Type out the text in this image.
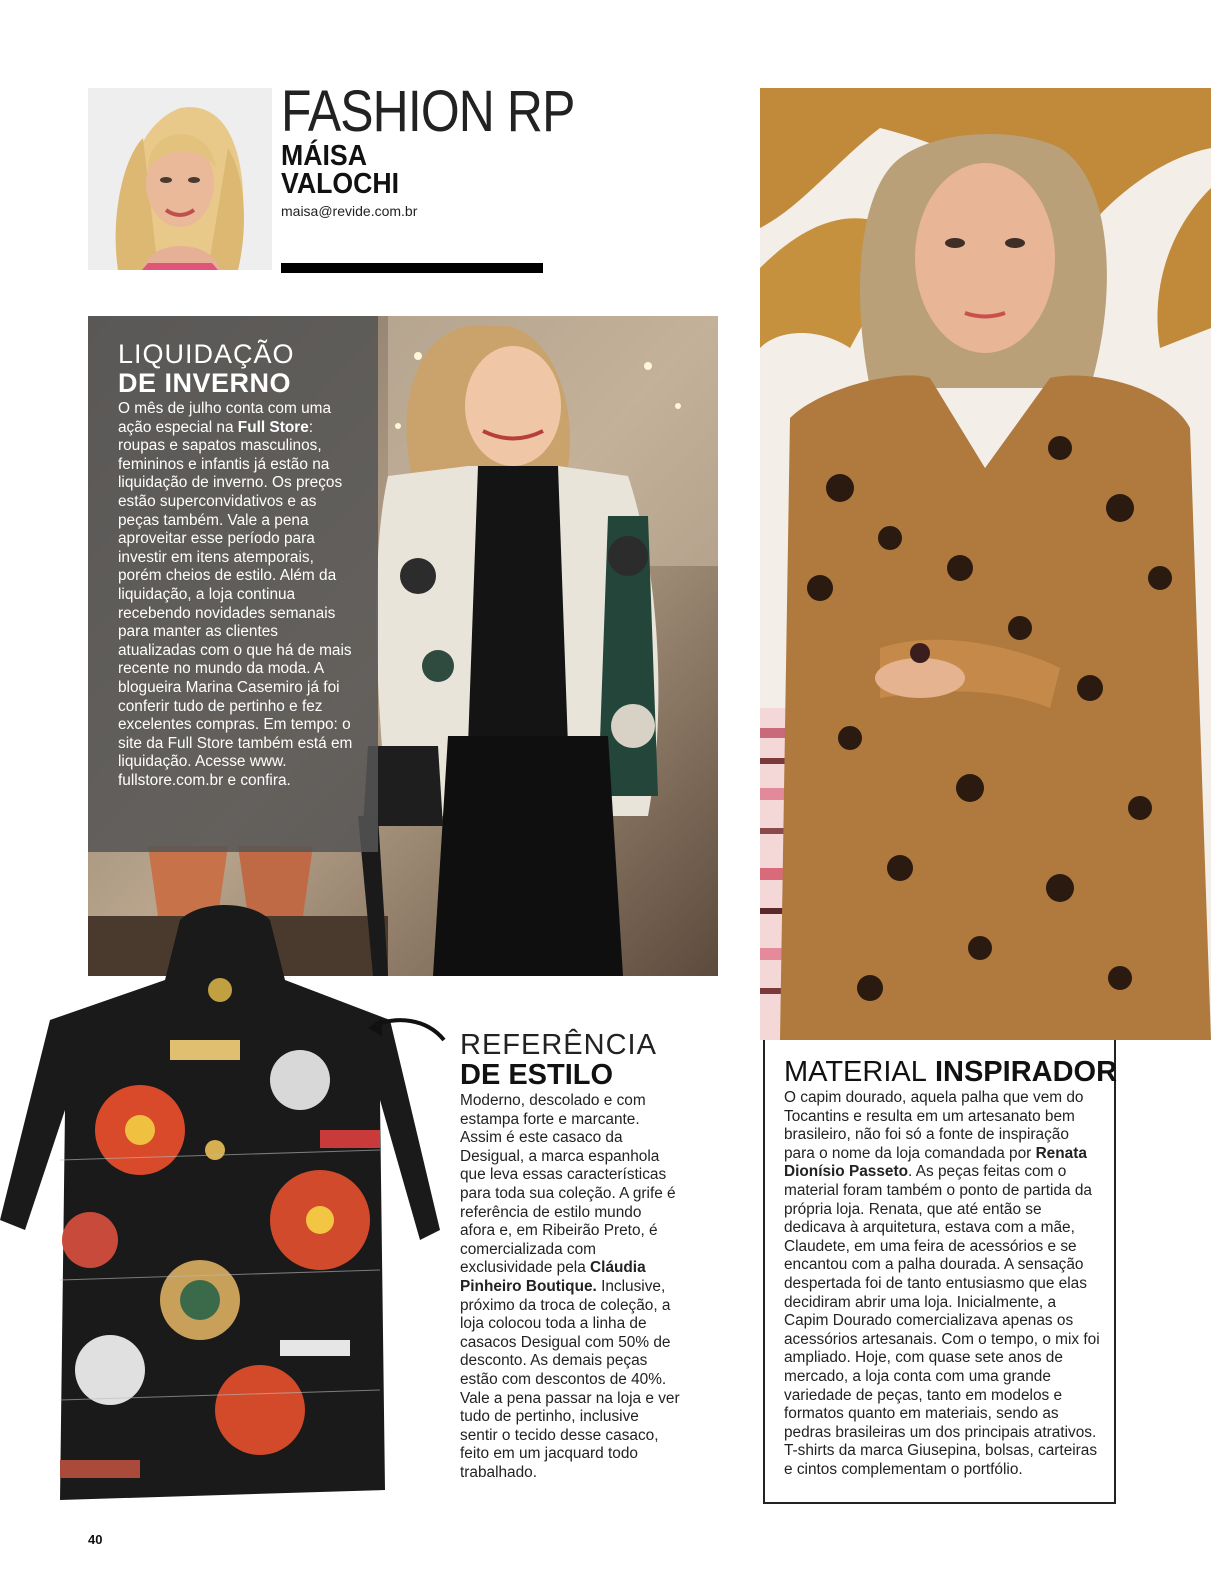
FASHION RP
MÁISA
VALOCHI
maisa@revide.com.br
LIQUIDAÇÃO
DE INVERNO
O mês de julho conta com uma ação especial na Full Store: roupas e sapatos masculinos, femininos e infantis já estão na liquidação de inverno. Os preços estão superconvidativos e as peças também. Vale a pena aproveitar esse período para investir em itens atemporais, porém cheios de estilo. Além da liquidação, a loja continua recebendo novidades semanais para manter as clientes atualizadas com o que há de mais recente no mundo da moda. A blogueira Marina Casemiro já foi conferir tudo de pertinho e fez excelentes compras. Em tempo: o site da Full Store também está em liquidação. Acesse www. fullstore.com.br e confira.
REFERÊNCIA
DE ESTILO
Moderno, descolado e com estampa forte e marcante. Assim é este casaco da Desigual, a marca espanhola que leva essas características para toda sua coleção. A grife é referência de estilo mundo afora e, em Ribeirão Preto, é comercializada com exclusividade pela Cláudia Pinheiro Boutique. Inclusive, próximo da troca de coleção, a loja colocou toda a linha de casacos Desigual com 50% de desconto. As demais peças estão com descontos de 40%. Vale a pena passar na loja e ver tudo de pertinho, inclusive sentir o tecido desse casaco, feito em um jacquard todo trabalhado.
MATERIAL INSPIRADOR
O capim dourado, aquela palha que vem do Tocantins e resulta em um artesanato bem brasileiro, não foi só a fonte de inspiração para o nome da loja comandada por Renata Dionísio Passeto. As peças feitas com o material foram também o ponto de partida da própria loja. Renata, que até então se dedicava à arquitetura, estava com a mãe, Claudete, em uma feira de acessórios e se encantou com a palha dourada. A sensação despertada foi de tanto entusiasmo que elas decidiram abrir uma loja. Inicialmente, a Capim Dourado comercializava apenas os acessórios artesanais. Com o tempo, o mix foi ampliado. Hoje, com quase sete anos de mercado, a loja conta com uma grande variedade de peças, tanto em modelos e formatos quanto em materiais, sendo as pedras brasileiras um dos principais atrativos. T-shirts da marca Giusepina, bolsas, carteiras e cintos complementam o portfólio.
40
